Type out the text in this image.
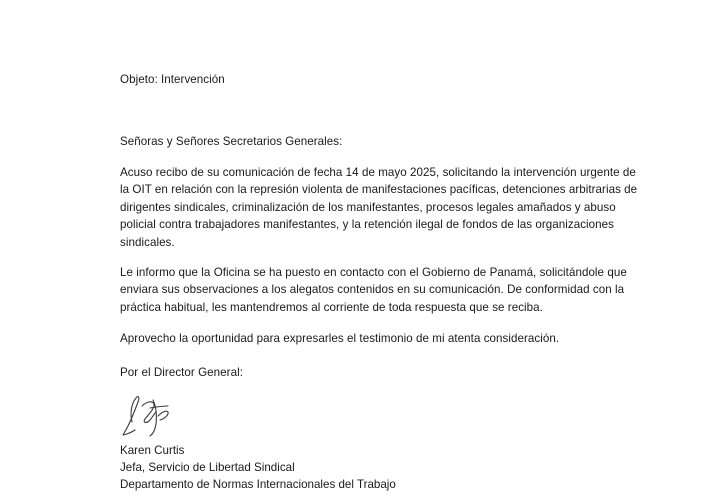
Objeto: Intervención
Señoras y Señores Secretarios Generales:
Acuso recibo de su comunicación de fecha 14 de mayo 2025, solicitando la intervención urgente de
la OIT en relación con la represión violenta de manifestaciones pacíficas, detenciones arbitrarias de
dirigentes sindicales, criminalización de los manifestantes, procesos legales amañados y abuso
policial contra trabajadores manifestantes, y la retención ilegal de fondos de las organizaciones
sindicales.
Le informo que la Oficina se ha puesto en contacto con el Gobierno de Panamá, solicitándole que
enviara sus observaciones a los alegatos contenidos en su comunicación. De conformidad con la
práctica habitual, les mantendremos al corriente de toda respuesta que se reciba.
Aprovecho la oportunidad para expresarles el testimonio de mi atenta consideración.
Por el Director General:
Karen Curtis
Jefa, Servicio de Libertad Sindical
Departamento de Normas Internacionales del Trabajo
